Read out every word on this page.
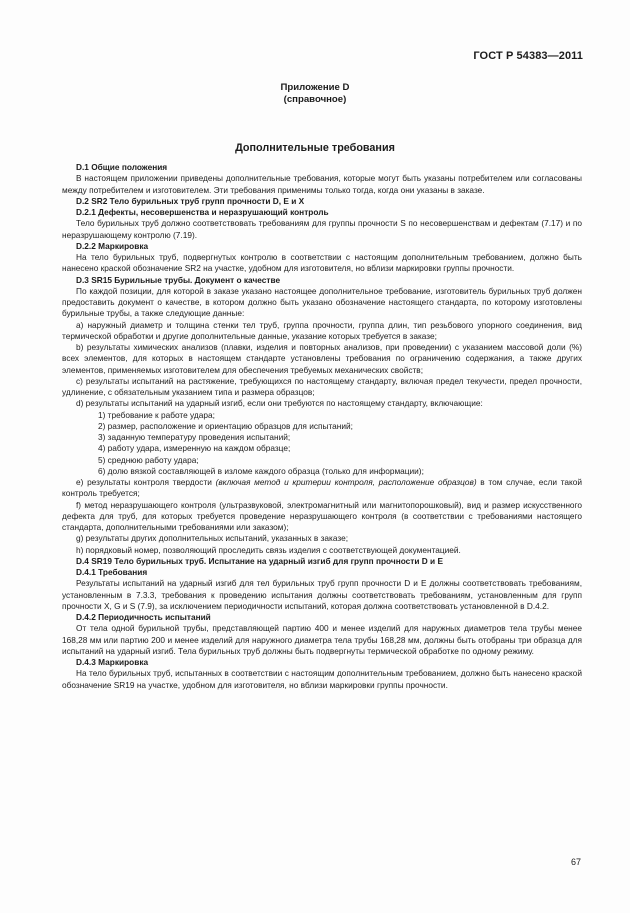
ГОСТ Р 54383—2011
Приложение D
(справочное)
Дополнительные требования
D.1 Общие положения
В настоящем приложении приведены дополнительные требования, которые могут быть указаны потребителем или согласованы между потребителем и изготовителем. Эти требования применимы только тогда, когда они указаны в заказе.
D.2 SR2 Тело бурильных труб групп прочности D, E и X
D.2.1 Дефекты, несовершенства и неразрушающий контроль
Тело бурильных труб должно соответствовать требованиям для группы прочности S по несовершенствам и дефектам (7.17) и по неразрушающему контролю (7.19).
D.2.2 Маркировка
На тело бурильных труб, подвергнутых контролю в соответствии с настоящим дополнительным требованием, должно быть нанесено краской обозначение SR2 на участке, удобном для изготовителя, но вблизи маркировки группы прочности.
D.3 SR15 Бурильные трубы. Документ о качестве
По каждой позиции, для которой в заказе указано настоящее дополнительное требование, изготовитель бурильных труб должен предоставить документ о качестве, в котором должно быть указано обозначение настоящего стандарта, по которому изготовлены бурильные трубы, а также следующие данные:
а) наружный диаметр и толщина стенки тел труб, группа прочности, группа длин, тип резьбового упорного соединения, вид термической обработки и другие дополнительные данные, указание которых требуется в заказе;
b) результаты химических анализов (плавки, изделия и повторных анализов, при проведении) с указанием массовой доли (%) всех элементов, для которых в настоящем стандарте установлены требования по ограничению содержания, а также других элементов, применяемых изготовителем для обеспечения требуемых механических свойств;
c) результаты испытаний на растяжение, требующихся по настоящему стандарту, включая предел текучести, предел прочности, удлинение, с обязательным указанием типа и размера образцов;
d) результаты испытаний на ударный изгиб, если они требуются по настоящему стандарту, включающие:
1) требование к работе удара;
2) размер, расположение и ориентацию образцов для испытаний;
3) заданную температуру проведения испытаний;
4) работу удара, измеренную на каждом образце;
5) среднюю работу удара;
6) долю вязкой составляющей в изломе каждого образца (только для информации);
e) результаты контроля твердости (включая метод и критерии контроля, расположение образцов) в том случае, если такой контроль требуется;
f) метод неразрушающего контроля (ультразвуковой, электромагнитный или магнитопорошковый), вид и размер искусственного дефекта для труб, для которых требуется проведение неразрушающего контроля (в соответствии с требованиями настоящего стандарта, дополнительными требованиями или заказом);
g) результаты других дополнительных испытаний, указанных в заказе;
h) порядковый номер, позволяющий проследить связь изделия с соответствующей документацией.
D.4 SR19 Тело бурильных труб. Испытание на ударный изгиб для групп прочности D и E
D.4.1 Требования
Результаты испытаний на ударный изгиб для тел бурильных труб групп прочности D и E должны соответствовать требованиям, установленным в 7.3.3, требования к проведению испытания должны соответствовать требованиям, установленным для групп прочности X, G и S (7.9), за исключением периодичности испытаний, которая должна соответствовать установленной в D.4.2.
D.4.2 Периодичность испытаний
От тела одной бурильной трубы, представляющей партию 400 и менее изделий для наружных диаметров тела трубы менее 168,28 мм или партию 200 и менее изделий для наружного диаметра тела трубы 168,28 мм, должны быть отобраны три образца для испытаний на ударный изгиб. Тела бурильных труб должны быть подвергнуты термической обработке по одному режиму.
D.4.3 Маркировка
На тело бурильных труб, испытанных в соответствии с настоящим дополнительным требованием, должно быть нанесено краской обозначение SR19 на участке, удобном для изготовителя, но вблизи маркировки группы прочности.
67
